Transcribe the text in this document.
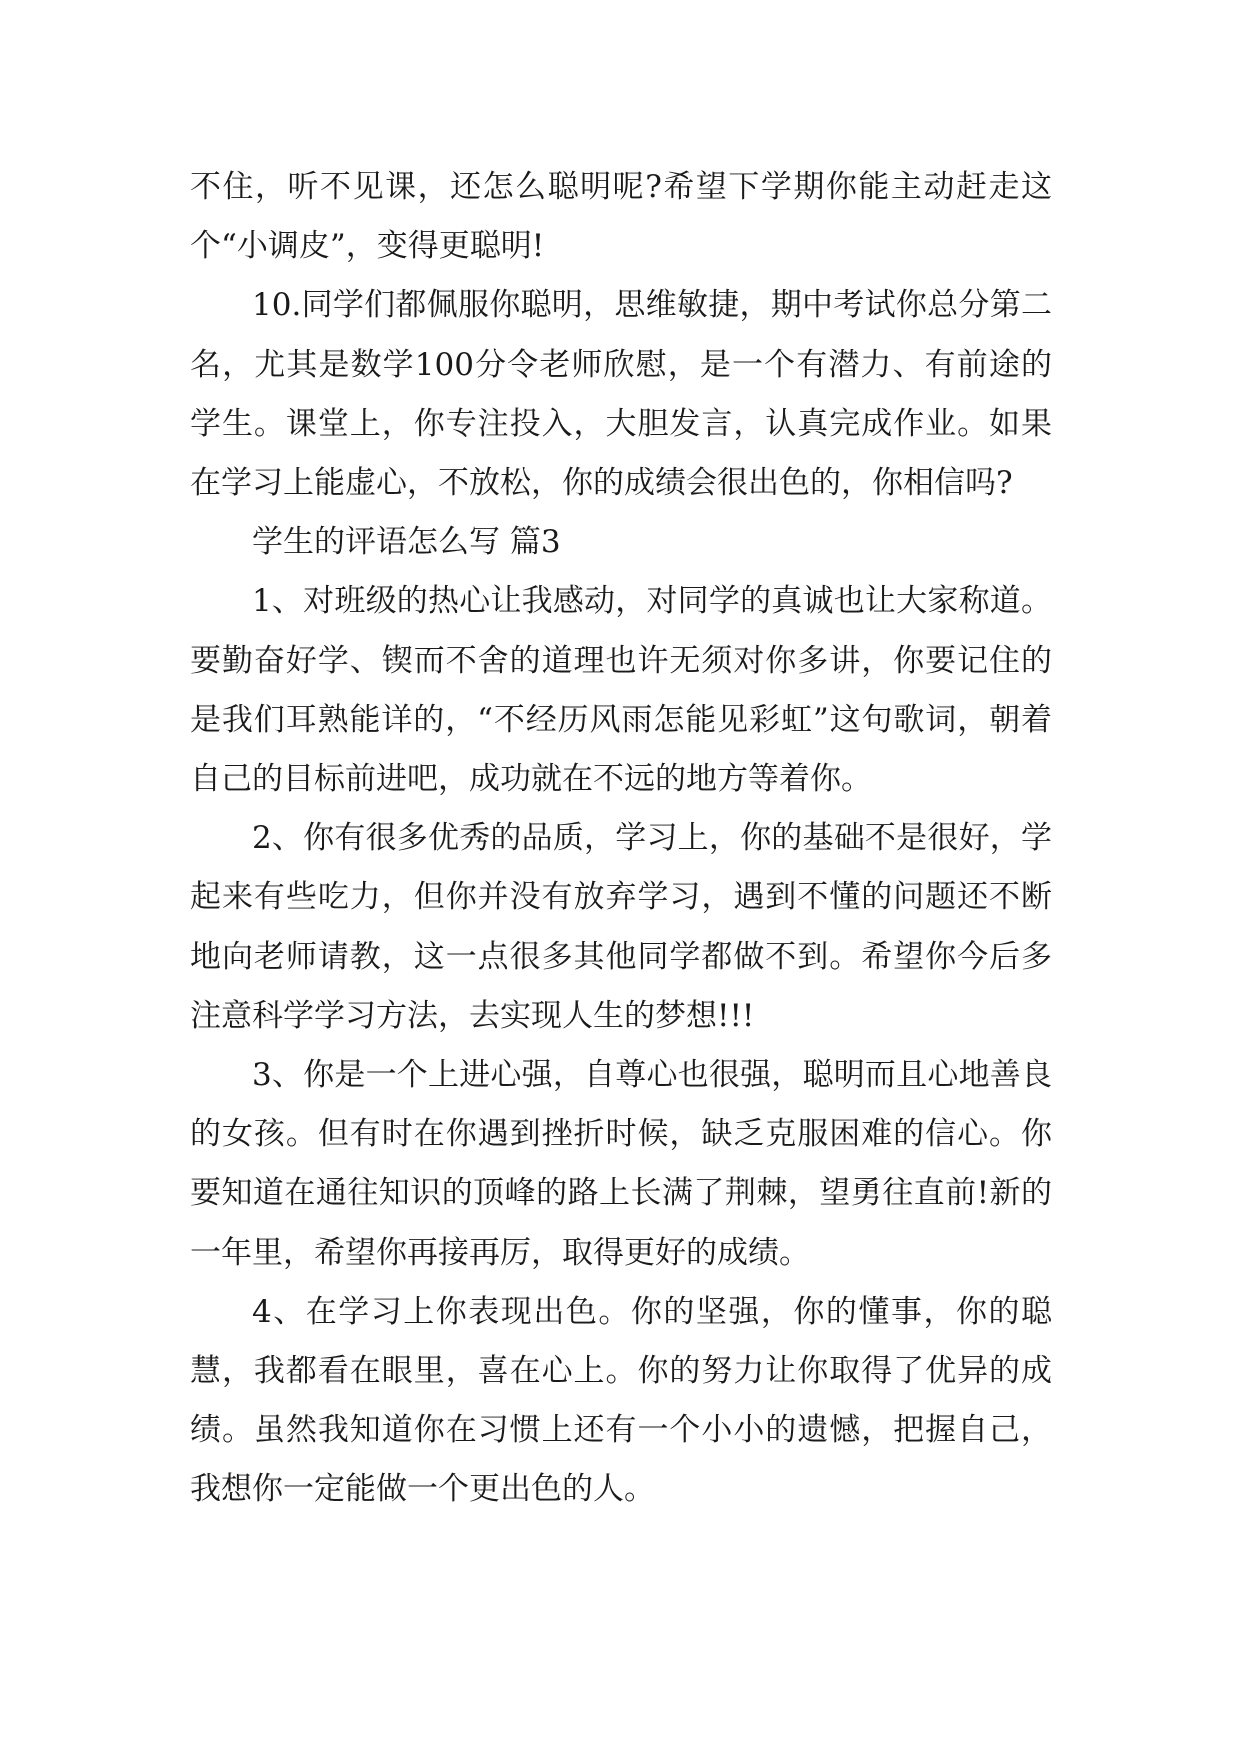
不住，听不见课，还怎么聪明呢?希望下学期你能主动赶走这个“小调皮”，变得更聪明!

10.同学们都佩服你聪明，思维敏捷，期中考试你总分第二名，尤其是数学100分令老师欣慰，是一个有潜力、有前途的学生。课堂上，你专注投入，大胆发言，认真完成作业。如果在学习上能虚心，不放松，你的成绩会很出色的，你相信吗?

学生的评语怎么写 篇3

1、对班级的热心让我感动，对同学的真诚也让大家称道。要勤奋好学、锲而不舍的道理也许无须对你多讲，你要记住的是我们耳熟能详的，“不经历风雨怎能见彩虹”这句歌词，朝着自己的目标前进吧，成功就在不远的地方等着你。

2、你有很多优秀的品质，学习上，你的基础不是很好，学起来有些吃力，但你并没有放弃学习，遇到不懂的问题还不断地向老师请教，这一点很多其他同学都做不到。希望你今后多注意科学学习方法，去实现人生的梦想!!!

3、你是一个上进心强，自尊心也很强，聪明而且心地善良的女孩。但有时在你遇到挫折时候，缺乏克服困难的信心。你要知道在通往知识的顶峰的路上长满了荆棘，望勇往直前!新的一年里，希望你再接再厉，取得更好的成绩。

4、在学习上你表现出色。你的坚强，你的懂事，你的聪慧，我都看在眼里，喜在心上。你的努力让你取得了优异的成绩。虽然我知道你在习惯上还有一个小小的遗憾，把握自己，我想你一定能做一个更出色的人。
